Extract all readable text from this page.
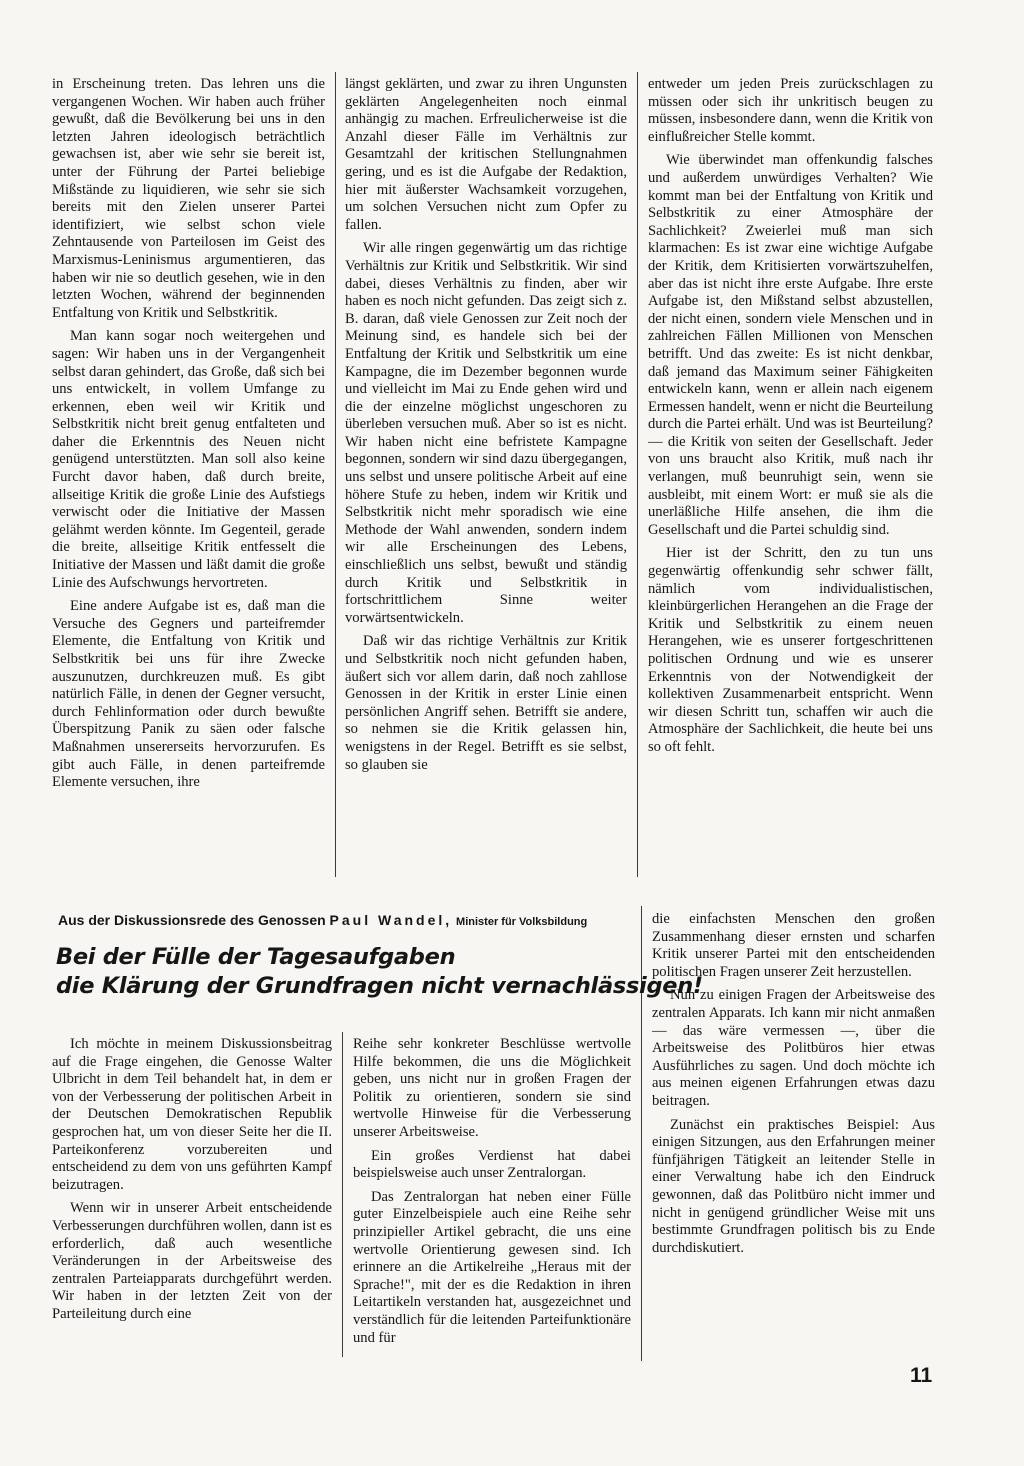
in Erscheinung treten. Das lehren uns die vergangenen Wochen. Wir haben auch früher gewußt, daß die Bevölkerung bei uns in den letzten Jahren ideologisch beträchtlich gewachsen ist, aber wie sehr sie bereit ist, unter der Führung der Partei beliebige Mißstände zu liquidieren, wie sehr sie sich bereits mit den Zielen unserer Partei identifiziert, wie selbst schon viele Zehntausende von Parteilosen im Geist des Marxismus-Leninismus argumentieren, das haben wir nie so deutlich gesehen, wie in den letzten Wochen, während der beginnenden Entfaltung von Kritik und Selbstkritik.

Man kann sogar noch weitergehen und sagen: Wir haben uns in der Vergangenheit selbst daran gehindert, das Große, daß sich bei uns entwickelt, in vollem Umfange zu erkennen, eben weil wir Kritik und Selbstkritik nicht breit genug entfalteten und daher die Erkenntnis des Neuen nicht genügend unterstützten. Man soll also keine Furcht davor haben, daß durch breite, allseitige Kritik die große Linie des Aufstiegs verwischt oder die Initiative der Massen gelähmt werden könnte. Im Gegenteil, gerade die breite, allseitige Kritik entfesselt die Initiative der Massen und läßt damit die große Linie des Aufschwungs hervortreten.

Eine andere Aufgabe ist es, daß man die Versuche des Gegners und parteifremder Elemente, die Entfaltung von Kritik und Selbstkritik bei uns für ihre Zwecke auszunutzen, durchkreuzen muß. Es gibt natürlich Fälle, in denen der Gegner versucht, durch Fehlinformation oder durch bewußte Überspitzung Panik zu säen oder falsche Maßnahmen unsererseits hervorzurufen. Es gibt auch Fälle, in denen parteifremde Elemente versuchen, ihre

längst geklärten, und zwar zu ihren Ungunsten geklärten Angelegenheiten noch einmal anhängig zu machen. Erfreulicherweise ist die Anzahl dieser Fälle im Verhältnis zur Gesamtzahl der kritischen Stellungnahmen gering, und es ist die Aufgabe der Redaktion, hier mit äußerster Wachsamkeit vorzugehen, um solchen Versuchen nicht zum Opfer zu fallen.

Wir alle ringen gegenwärtig um das richtige Verhältnis zur Kritik und Selbstkritik. Wir sind dabei, dieses Verhältnis zu finden, aber wir haben es noch nicht gefunden. Das zeigt sich z. B. daran, daß viele Genossen zur Zeit noch der Meinung sind, es handele sich bei der Entfaltung der Kritik und Selbstkritik um eine Kampagne, die im Dezember begonnen wurde und vielleicht im Mai zu Ende gehen wird und die der einzelne möglichst ungeschoren zu überleben versuchen muß. Aber so ist es nicht. Wir haben nicht eine befristete Kampagne begonnen, sondern wir sind dazu übergegangen, uns selbst und unsere politische Arbeit auf eine höhere Stufe zu heben, indem wir Kritik und Selbstkritik nicht mehr sporadisch wie eine Methode der Wahl anwenden, sondern indem wir alle Erscheinungen des Lebens, einschließlich uns selbst, bewußt und ständig durch Kritik und Selbstkritik in fortschrittlichem Sinne weiter vorwärtsentwickeln.

Daß wir das richtige Verhältnis zur Kritik und Selbstkritik noch nicht gefunden haben, äußert sich vor allem darin, daß noch zahllose Genossen in der Kritik in erster Linie einen persönlichen Angriff sehen. Betrifft sie andere, so nehmen sie die Kritik gelassen hin, wenigstens in der Regel. Betrifft es sie selbst, so glauben sie

entweder um jeden Preis zurückschlagen zu müssen oder sich ihr unkritisch beugen zu müssen, insbesondere dann, wenn die Kritik von einflußreicher Stelle kommt.

Wie überwindet man offenkundig falsches und außerdem unwürdiges Verhalten? Wie kommt man bei der Entfaltung von Kritik und Selbstkritik zu einer Atmosphäre der Sachlichkeit? Zweierlei muß man sich klarmachen: Es ist zwar eine wichtige Aufgabe der Kritik, dem Kritisierten vorwärtszuhelfen, aber das ist nicht ihre erste Aufgabe. Ihre erste Aufgabe ist, den Mißstand selbst abzustellen, der nicht einen, sondern viele Menschen und in zahlreichen Fällen Millionen von Menschen betrifft. Und das zweite: Es ist nicht denkbar, daß jemand das Maximum seiner Fähigkeiten entwickeln kann, wenn er allein nach eigenem Ermessen handelt, wenn er nicht die Beurteilung durch die Partei erhält. Und was ist Beurteilung? — die Kritik von seiten der Gesellschaft. Jeder von uns braucht also Kritik, muß nach ihr verlangen, muß beunruhigt sein, wenn sie ausbleibt, mit einem Wort: er muß sie als die unerläßliche Hilfe ansehen, die ihm die Gesellschaft und die Partei schuldig sind.

Hier ist der Schritt, den zu tun uns gegenwärtig offenkundig sehr schwer fällt, nämlich vom individualistischen, kleinbürgerlichen Herangehen an die Frage der Kritik und Selbstkritik zu einem neuen Herangehen, wie es unserer fortgeschrittenen politischen Ordnung und wie es unserer Erkenntnis von der Notwendigkeit der kollektiven Zusammenarbeit entspricht. Wenn wir diesen Schritt tun, schaffen wir auch die Atmosphäre der Sachlichkeit, die heute bei uns so oft fehlt.

Aus der Diskussionsrede des Genossen Paul Wandel, Minister für Volksbildung
Bei der Fülle der Tagesaufgaben
die Klärung der Grundfragen nicht vernachlässigen!

Ich möchte in meinem Diskussionsbeitrag auf die Frage eingehen, die Genosse Walter Ulbricht in dem Teil behandelt hat, in dem er von der Verbesserung der politischen Arbeit in der Deutschen Demokratischen Republik gesprochen hat, um von dieser Seite her die II. Parteikonferenz vorzubereiten und entscheidend zu dem von uns geführten Kampf beizutragen.

Wenn wir in unserer Arbeit entscheidende Verbesserungen durchführen wollen, dann ist es erforderlich, daß auch wesentliche Veränderungen in der Arbeitsweise des zentralen Parteiapparats durchgeführt werden. Wir haben in der letzten Zeit von der Parteileitung durch eine

Reihe sehr konkreter Beschlüsse wertvolle Hilfe bekommen, die uns die Möglichkeit geben, uns nicht nur in großen Fragen der Politik zu orientieren, sondern sie sind wertvolle Hinweise für die Verbesserung unserer Arbeitsweise.

Ein großes Verdienst hat dabei beispielsweise auch unser Zentralorgan.

Das Zentralorgan hat neben einer Fülle guter Einzelbeispiele auch eine Reihe sehr prinzipieller Artikel gebracht, die uns eine wertvolle Orientierung gewesen sind. Ich erinnere an die Artikelreihe „Heraus mit der Sprache!", mit der es die Redaktion in ihren Leitartikeln verstanden hat, ausgezeichnet und verständlich für die leitenden Parteifunktionäre und für

die einfachsten Menschen den großen Zusammenhang dieser ernsten und scharfen Kritik unserer Partei mit den entscheidenden politischen Fragen unserer Zeit herzustellen.

Nun zu einigen Fragen der Arbeitsweise des zentralen Apparats. Ich kann mir nicht anmaßen — das wäre vermessen —, über die Arbeitsweise des Politbüros hier etwas Ausführliches zu sagen. Und doch möchte ich aus meinen eigenen Erfahrungen etwas dazu beitragen.

Zunächst ein praktisches Beispiel: Aus einigen Sitzungen, aus den Erfahrungen meiner fünfjährigen Tätigkeit an leitender Stelle in einer Verwaltung habe ich den Eindruck gewonnen, daß das Politbüro nicht immer und nicht in genügend gründlicher Weise mit uns bestimmte Grundfragen politisch bis zu Ende durchdiskutiert.

11
